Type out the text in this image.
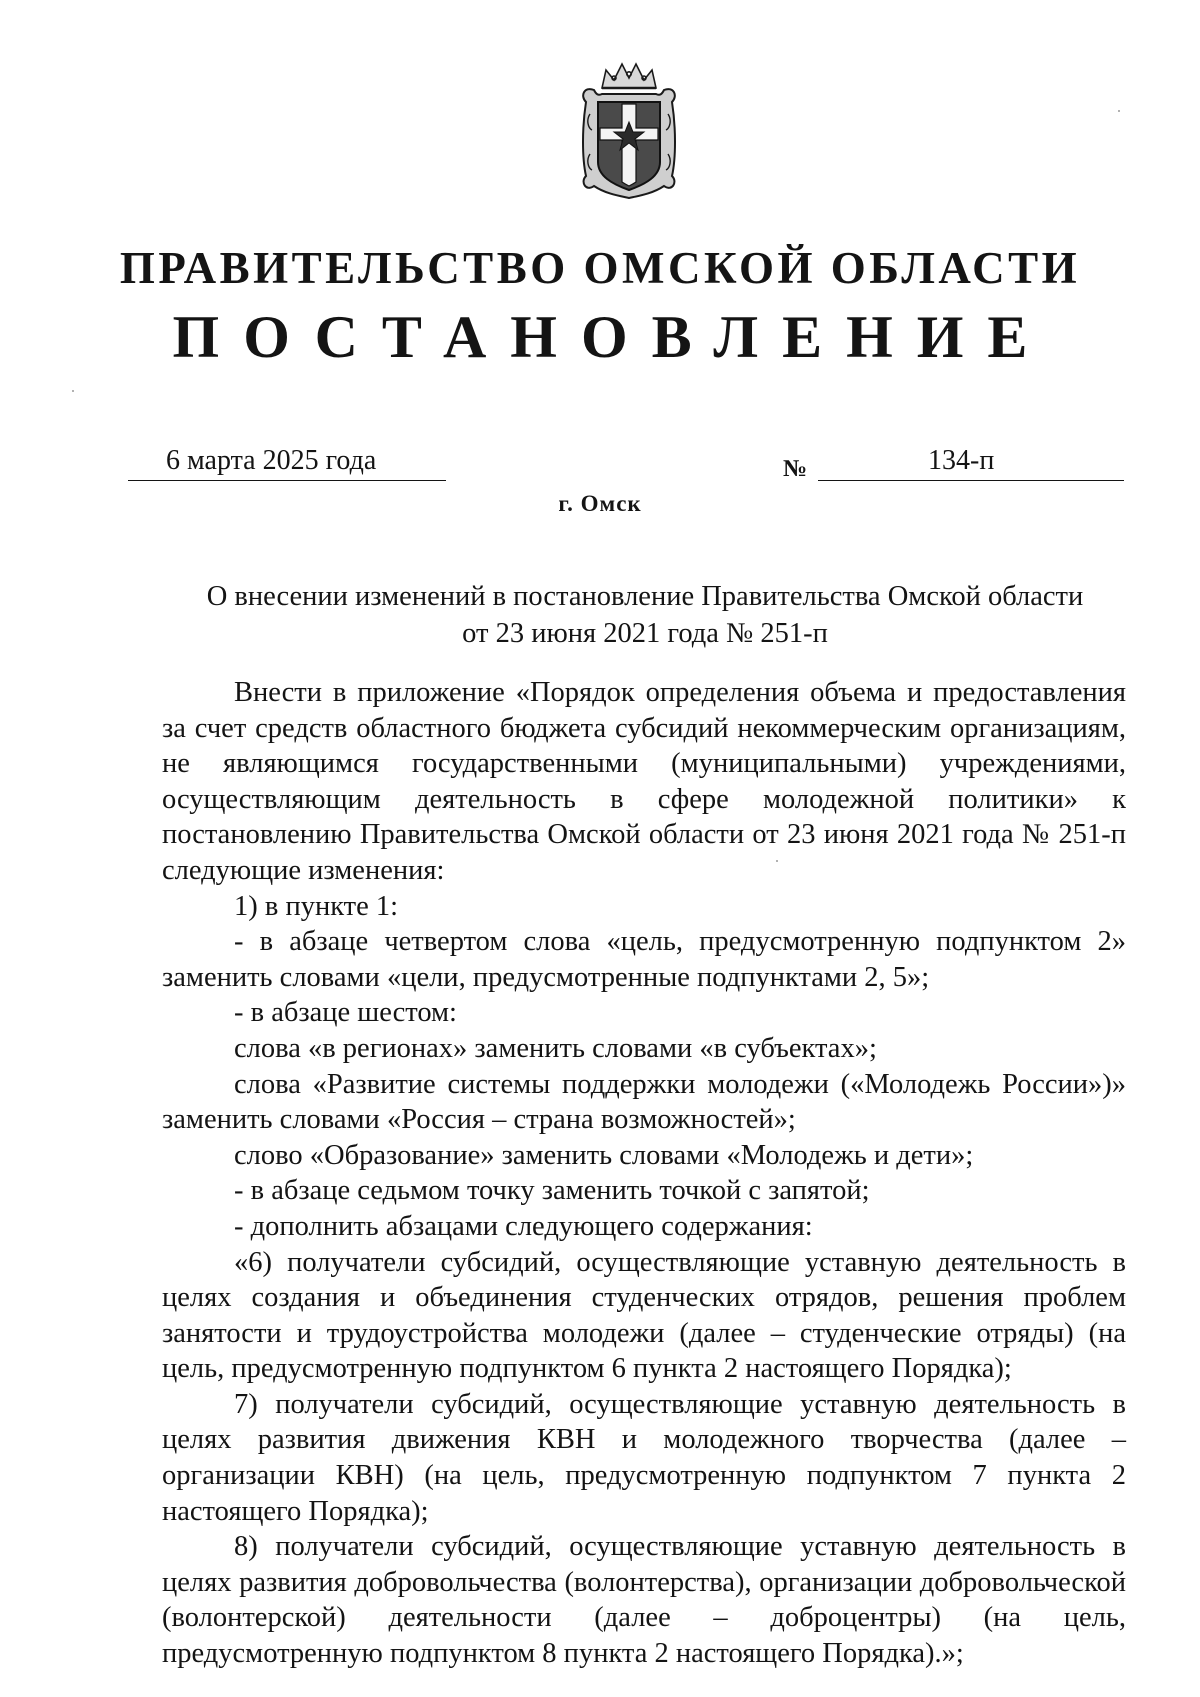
ПРАВИТЕЛЬСТВО ОМСКОЙ ОБЛАСТИ
ПОСТАНОВЛЕНИЕ
6 марта 2025 года	№	134-п
г. Омск
О внесении изменений в постановление Правительства Омской области
от 23 июня 2021 года № 251-п

Внести в приложение «Порядок определения объема и предоставления за счет средств областного бюджета субсидий некоммерческим организациям, не являющимся государственными (муниципальными) учреждениями, осуществляющим деятельность в сфере молодежной политики» к постановлению Правительства Омской области от 23 июня 2021 года № 251-п следующие изменения:

1) в пункте 1:

- в абзаце четвертом слова «цель, предусмотренную подпунктом 2» заменить словами «цели, предусмотренные подпунктами 2, 5»;

- в абзаце шестом:

слова «в регионах» заменить словами «в субъектах»;

слова «Развитие системы поддержки молодежи («Молодежь России»)» заменить словами «Россия – страна возможностей»;

слово «Образование» заменить словами «Молодежь и дети»;

- в абзаце седьмом точку заменить точкой с запятой;

- дополнить абзацами следующего содержания:

«6) получатели субсидий, осуществляющие уставную деятельность в целях создания и объединения студенческих отрядов, решения проблем занятости и трудоустройства молодежи (далее – студенческие отряды) (на цель, предусмотренную подпунктом 6 пункта 2 настоящего Порядка);

7) получатели субсидий, осуществляющие уставную деятельность в целях развития движения КВН и молодежного творчества (далее – организации КВН) (на цель, предусмотренную подпунктом 7 пункта 2 настоящего Порядка);

8) получатели субсидий, осуществляющие уставную деятельность в целях развития добровольчества (волонтерства), организации добровольческой (волонтерской) деятельности (далее – доброцентры) (на цель, предусмотренную подпунктом 8 пункта 2 настоящего Порядка).»;
